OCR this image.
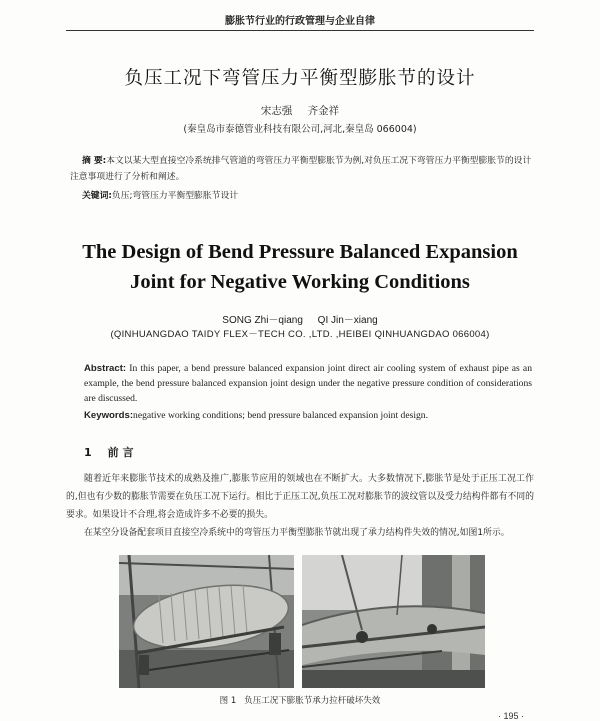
膨胀节行业的行政管理与企业自律
负压工况下弯管压力平衡型膨胀节的设计
宋志强 齐金祥
(秦皇岛市泰德管业科技有限公司,河北,秦皇岛 066004)
摘 要:本文以某大型直接空冷系统排气管道的弯管压力平衡型膨胀节为例,对负压工况下弯管压力平衡型膨胀节的设计注意事项进行了分析和阐述。
关键词:负压;弯管压力平衡型膨胀节设计
The Design of Bend Pressure Balanced Expansion
Joint for Negative Working Conditions
SONG Zhi－qiang QI Jin－xiang
(QINHUANGDAO TAIDY FLEX－TECH CO. ,LTD. ,HEIBEI QINHUANGDAO 066004)
Abstract: In this paper, a bend pressure balanced expansion joint direct air cooling system of exhaust pipe as an example, the bend pressure balanced expansion joint design under the negative pressure condition of considerations are discussed.
Keywords:negative working conditions; bend pressure balanced expansion joint design.
1 前 言

随着近年来膨胀节技术的成熟及推广,膨胀节应用的领域也在不断扩大。大多数情况下,膨胀节是处于正压工况工作的,但也有少数的膨胀节需要在负压工况下运行。相比于正压工况,负压工况对膨胀节的波纹管以及受力结构件都有不同的要求。如果设计不合理,将会造成许多不必要的损失。

在某空分设备配套项目直接空冷系统中的弯管压力平衡型膨胀节就出现了承力结构件失效的情况,如图1所示。

图 1 负压工况下膨胀节承力拉杆破坏失效
· 195 ·
